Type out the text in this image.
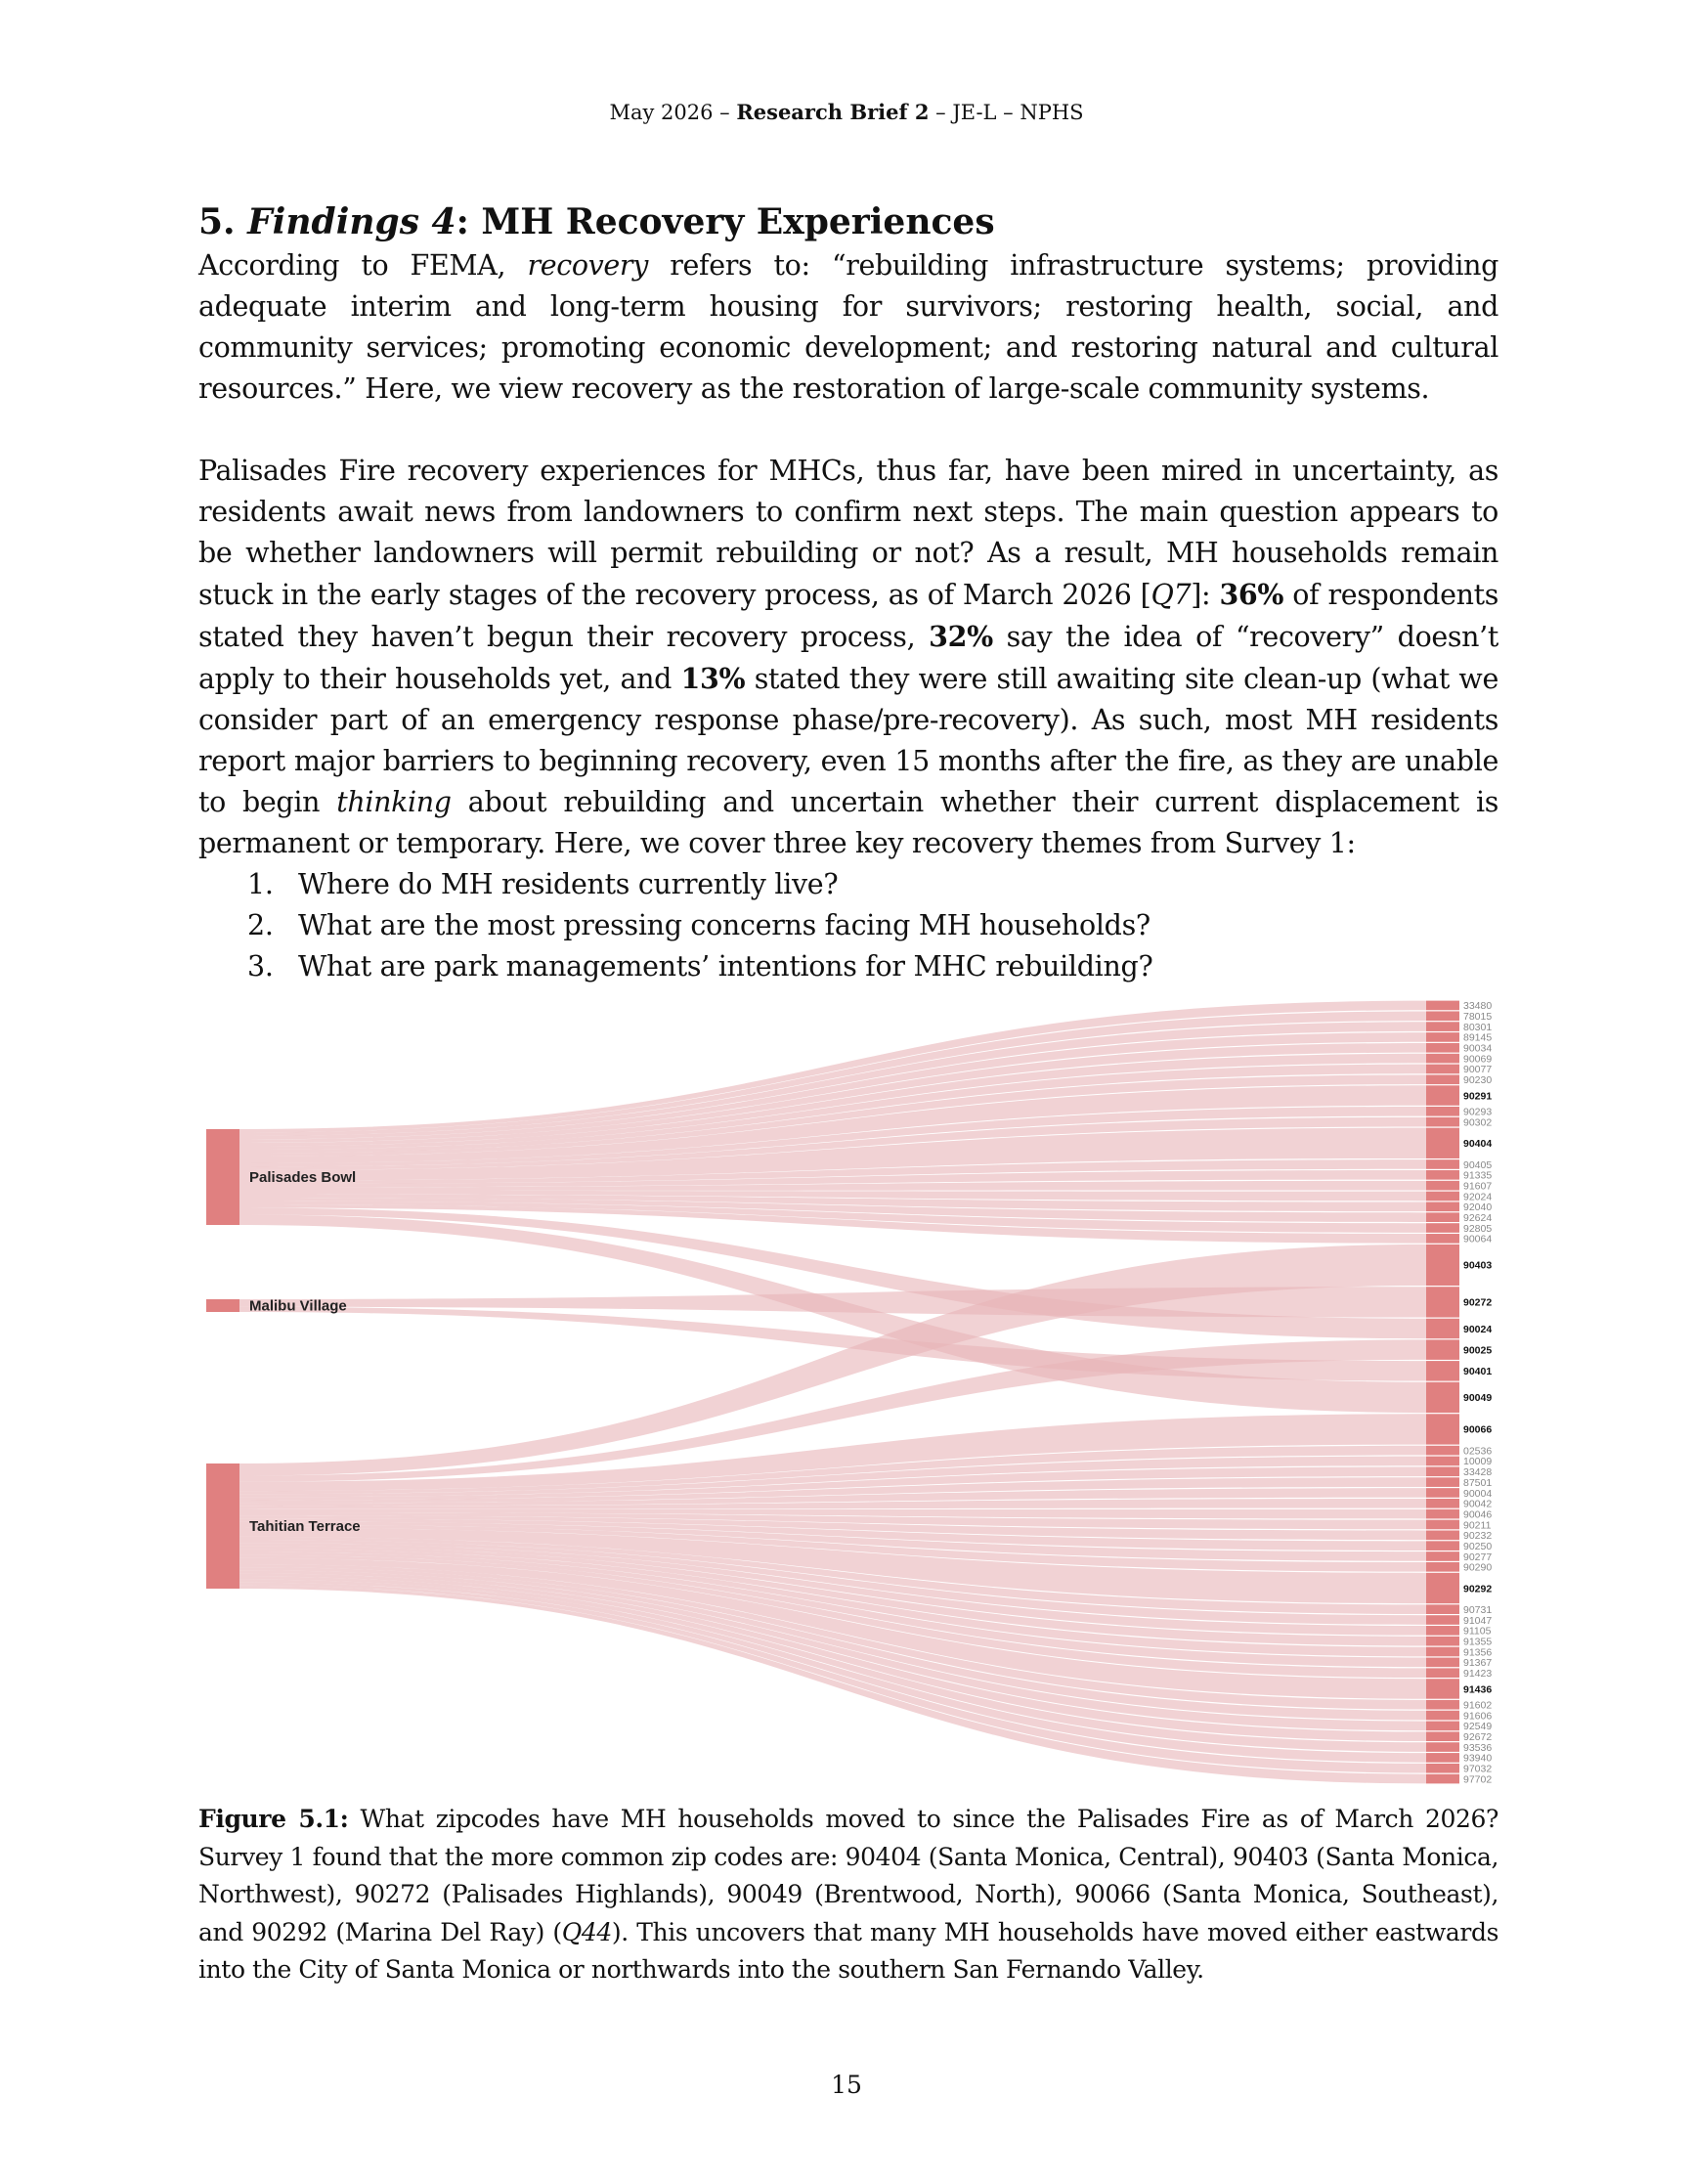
May 2026 – Research Brief 2 – JE-L – NPHS
5. Findings 4: MH Recovery Experiences

According to FEMA, recovery refers to: “rebuilding infrastructure systems; providing adequate interim and long-term housing for survivors; restoring health, social, and community services; promoting economic development; and restoring natural and cultural resources.” Here, we view recovery as the restoration of large-scale community systems.

Palisades Fire recovery experiences for MHCs, thus far, have been mired in uncertainty, as residents await news from landowners to confirm next steps. The main question appears to be whether landowners will permit rebuilding or not? As a result, MH households remain stuck in the early stages of the recovery process, as of March 2026 [Q7]: 36% of respondents stated they haven’t begun their recovery process, 32% say the idea of “recovery” doesn’t apply to their households yet, and 13% stated they were still awaiting site clean-up (what we consider part of an emergency response phase/pre-recovery). As such, most MH residents report major barriers to beginning recovery, even 15 months after the fire, as they are unable to begin thinking about rebuilding and uncertain whether their current displacement is permanent or temporary. Here, we cover three key recovery themes from Survey 1:

1. Where do MH residents currently live?
2. What are the most pressing concerns facing MH households?
3. What are park managements’ intentions for MHC rebuilding?
Palisades Bowl
Malibu Village
Tahitian Terrace
33480
78015
80301
89145
90034
90069
90077
90230
90291
90293
90302
90404
90405
91335
91607
92024
92040
92624
92805
90064
90403
90272
90024
90025
90401
90049
90066
02536
10009
33428
87501
90004
90042
90046
90211
90232
90250
90277
90290
90292
90731
91047
91105
91355
91356
91367
91423
91436
91602
91606
92549
92672
93536
93940
97032
97702
Figure 5.1: What zipcodes have MH households moved to since the Palisades Fire as of March 2026? Survey 1 found that the more common zip codes are: 90404 (Santa Monica, Central), 90403 (Santa Monica, Northwest), 90272 (Palisades Highlands), 90049 (Brentwood, North), 90066 (Santa Monica, Southeast), and 90292 (Marina Del Ray) (Q44). This uncovers that many MH households have moved either eastwards into the City of Santa Monica or northwards into the southern San Fernando Valley.
15
